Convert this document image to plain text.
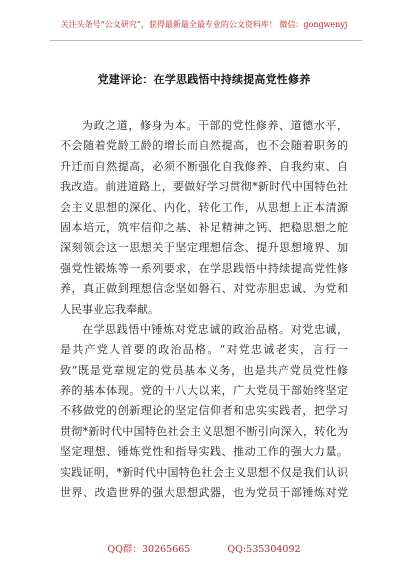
关注头条号“公文研究”，获得最新最全最专业的公文资料库！ 微信：gongwenyj
党建评论：在学思践悟中持续提高党性修养
为政之道，修身为本。干部的党性修养、道德水平，
不会随着党龄工龄的增长而自然提高，也不会随着职务的
升迁而自然提高，必须不断强化自我修养、自我约束、自
我改造。前进道路上，要做好学习贯彻*新时代中国特色社
会主义思想的深化、内化、转化工作，从思想上正本清源
固本培元，筑牢信仰之基、补足精神之钙、把稳思想之舵
深刻领会这一思想关于坚定理想信念、提升思想境界、加
强党性锻炼等一系列要求，在学思践悟中持续提高党性修
养，真正做到理想信念坚如磐石、对党赤胆忠诚、为党和
人民事业忘我奉献。
在学思践悟中锤炼对党忠诚的政治品格。对党忠诚，
是共产党人首要的政治品格。“对党忠诚老实，言行一
致”既是党章规定的党员基本义务，也是共产党员党性修
养的基本体现。党的十八大以来，广大党员干部始终坚定
不移做党的创新理论的坚定信仰者和忠实实践者，把学习
贯彻*新时代中国特色社会主义思想不断引向深入，转化为
坚定理想、锤炼党性和指导实践、推动工作的强大力量。
实践证明，*新时代中国特色社会主义思想不仅是我们认识
世界、改造世界的强大思想武器，也为党员干部锤炼对党
QQ群：30265665	QQ:535304092
